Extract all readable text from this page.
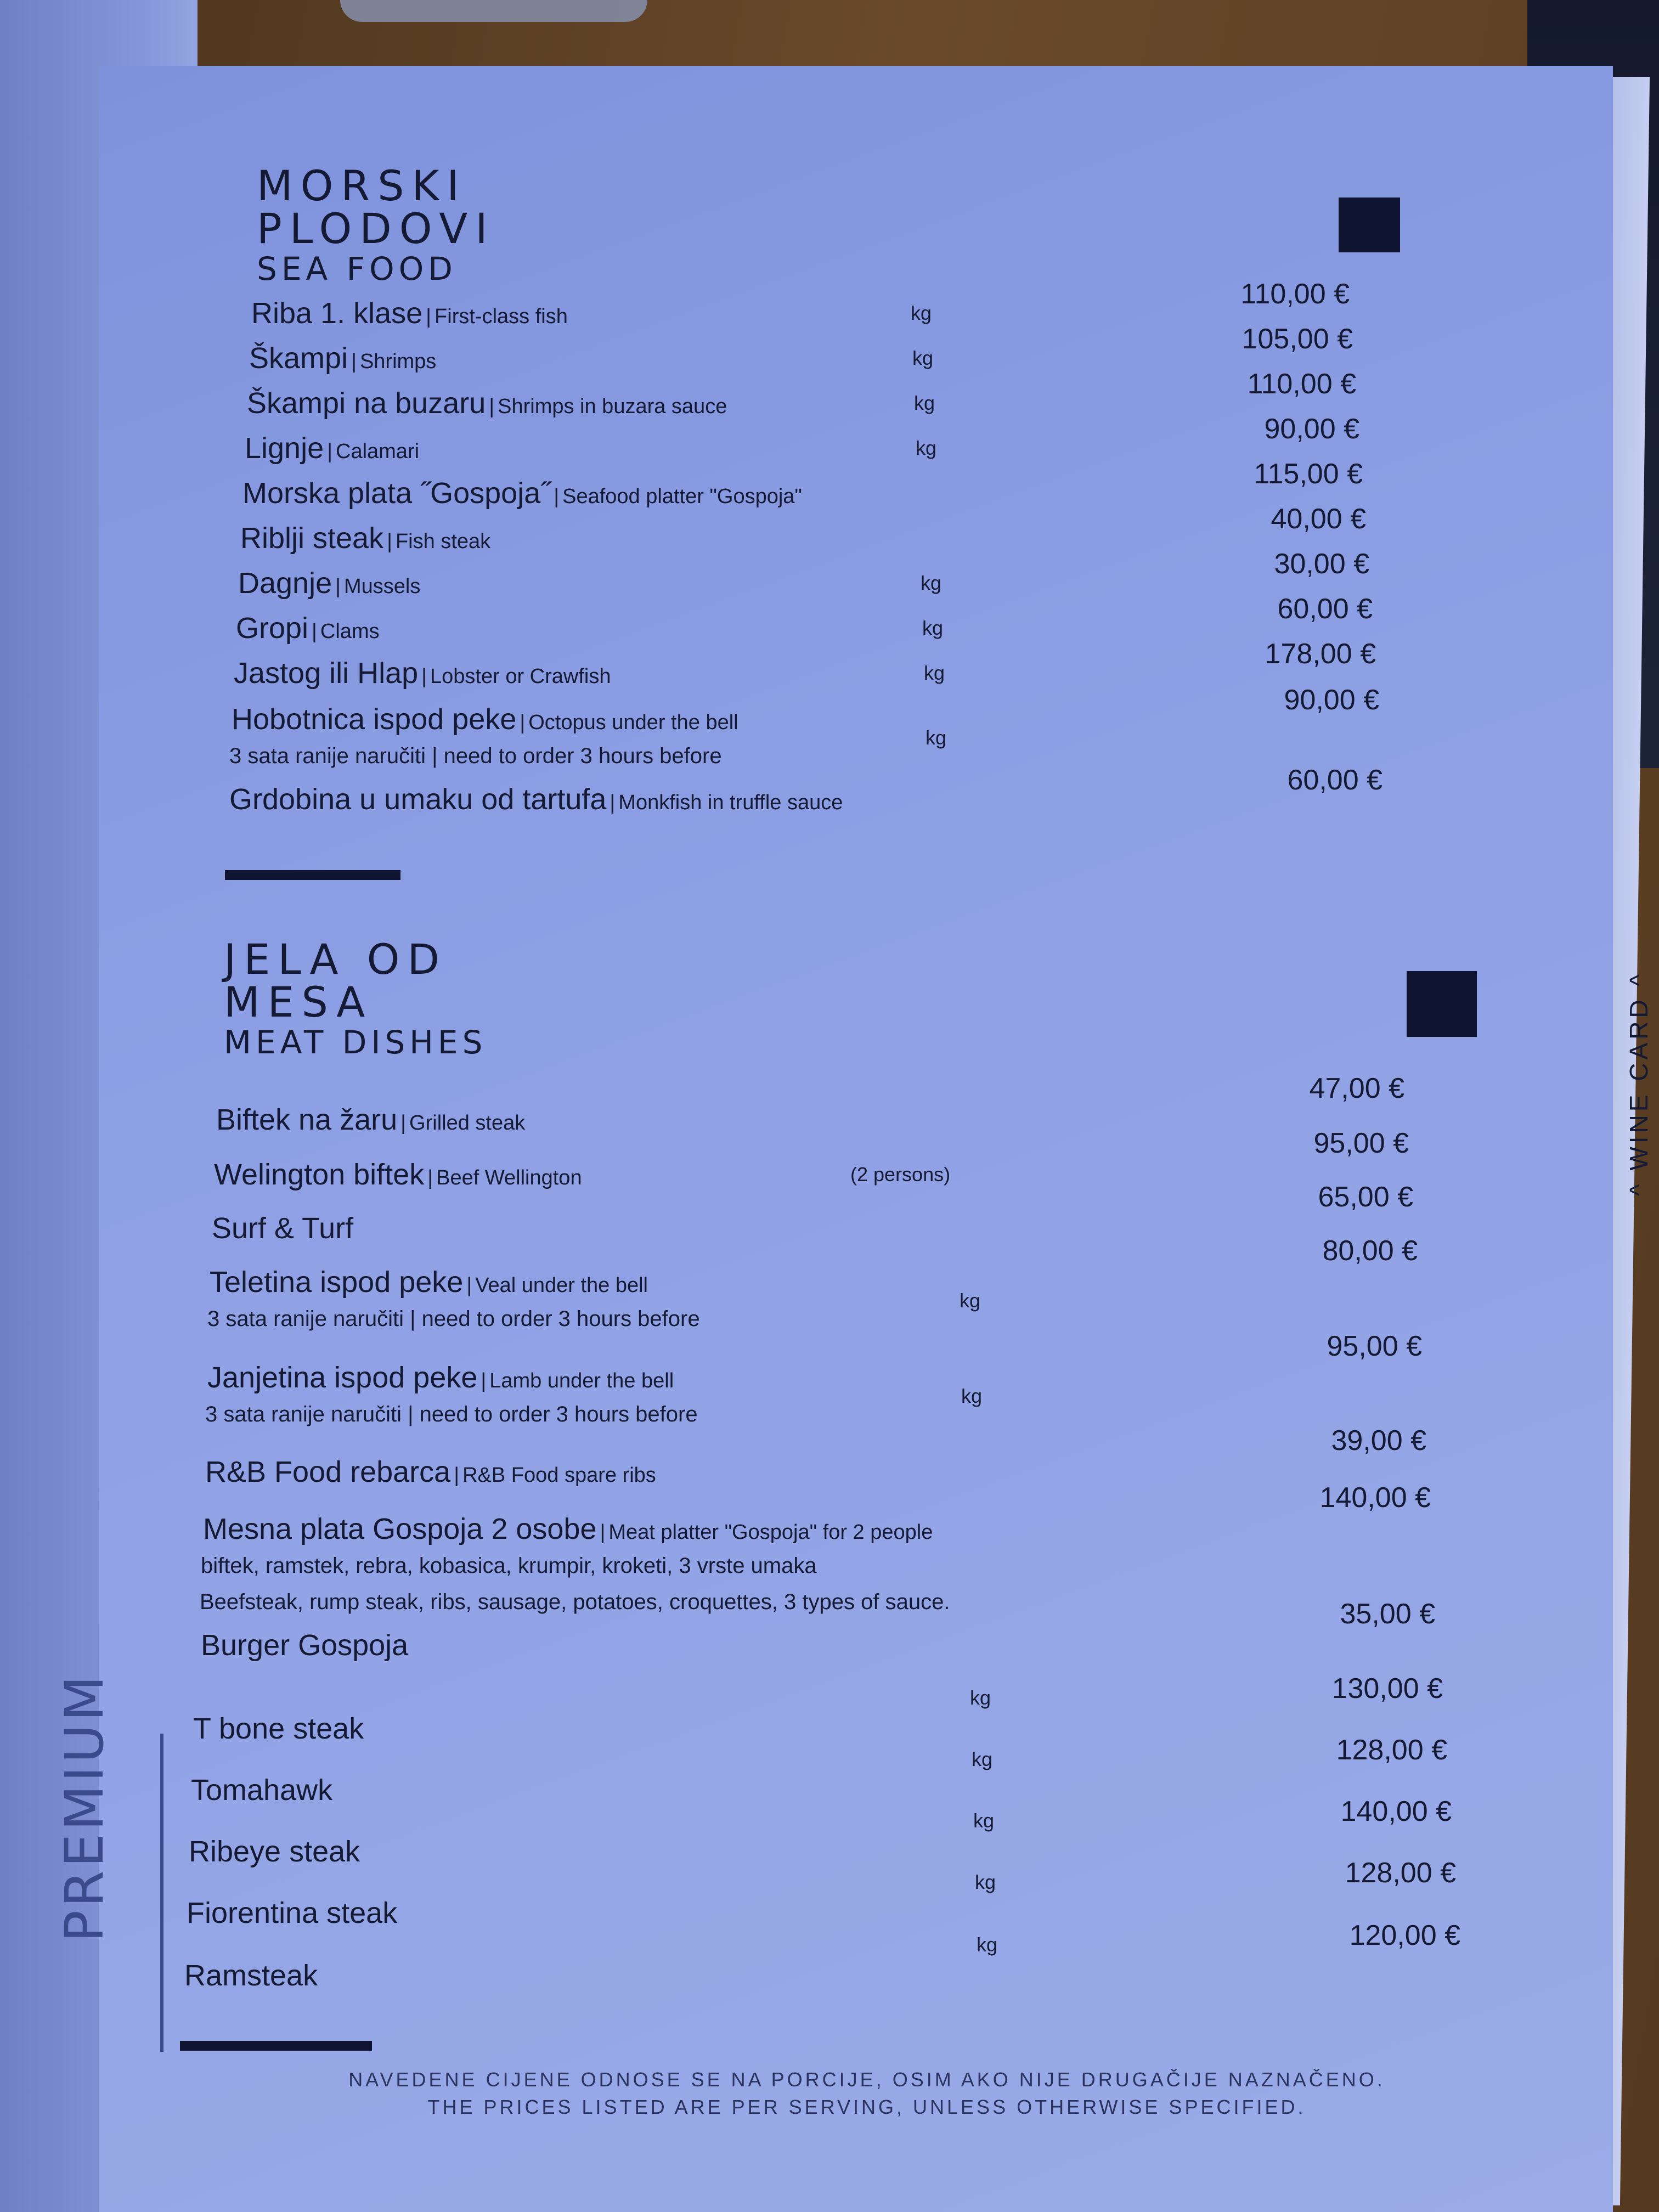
MORSKI
PLODOVI
SEA FOOD
Riba 1. klase | First-class fish	kg
110,00 €
Škampi | Shrimps	kg
105,00 €
Škampi na buzaru | Shrimps in buzara sauce	kg
110,00 €
Lignje | Calamari	kg
90,00 €
Morska plata ˝Gospoja˝ | Seafood platter "Gospoja"
115,00 €
Riblji steak | Fish steak
40,00 €
Dagnje | Mussels	kg
30,00 €
Gropi | Clams	kg
60,00 €
Jastog ili Hlap | Lobster or Crawfish	kg
178,00 €
Hobotnica ispod peke | Octopus under the bell
3 sata ranije naručiti | need to order 3 hours before
kg
90,00 €
Grdobina u umaku od tartufa | Monkfish in truffle sauce
60,00 €
JELA OD
MESA
MEAT DISHES
Biftek na žaru | Grilled steak
47,00 €
Welington biftek | Beef Wellington	(2 persons)
95,00 €
Surf & Turf
65,00 €
Teletina ispod peke | Veal under the bell
3 sata ranije naručiti | need to order 3 hours before
kg
80,00 €
Janjetina ispod peke | Lamb under the bell
3 sata ranije naručiti | need to order 3 hours before
kg
95,00 €
R&B Food rebarca | R&B Food spare ribs
39,00 €
Mesna plata Gospoja 2 osobe | Meat platter "Gospoja" for 2 people
biftek, ramstek, rebra, kobasica, krumpir, kroketi, 3 vrste umaka
Beefsteak, rump steak, ribs, sausage, potatoes, croquettes, 3 types of sauce.
140,00 €
Burger Gospoja
35,00 €
PREMIUM	T bone steak
kg	130,00 €
Tomahawk
kg	128,00 €
Ribeye steak
kg	140,00 €
Fiorentina steak
kg	128,00 €
Ramsteak
kg	120,00 €
^ WINE CARD ^
NAVEDENE CIJENE ODNOSE SE NA PORCIJE, OSIM AKO NIJE DRUGAČIJE NAZNAČENO.
THE PRICES LISTED ARE PER SERVING, UNLESS OTHERWISE SPECIFIED.
